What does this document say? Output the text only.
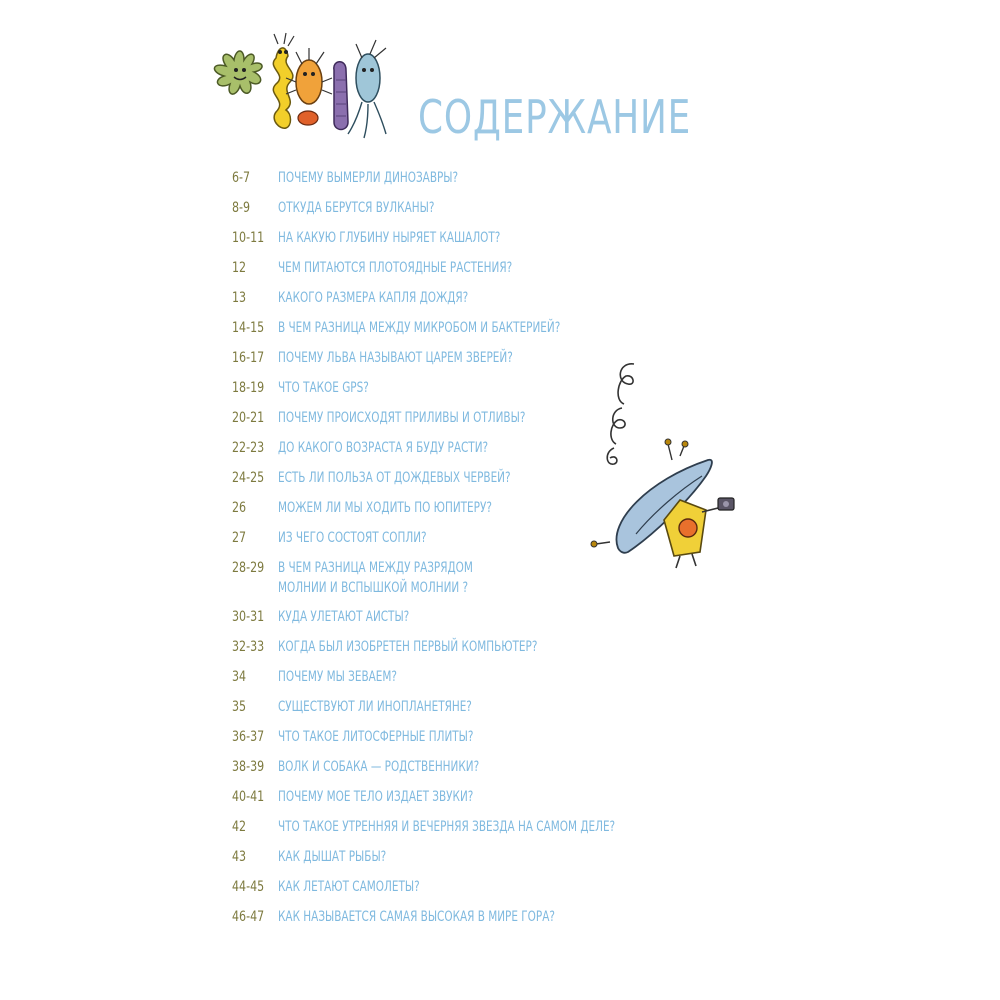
СОДЕРЖАНИЕ
6-7 ПОЧЕМУ ВЫМЕРЛИ ДИНОЗАВРЫ?
8-9 ОТКУДА БЕРУТСЯ ВУЛКАНЫ?
10-11 НА КАКУЮ ГЛУБИНУ НЫРЯЕТ КАШАЛОТ?
12 ЧЕМ ПИТАЮТСЯ ПЛОТОЯДНЫЕ РАСТЕНИЯ?
13 КАКОГО РАЗМЕРА КАПЛЯ ДОЖДЯ?
14-15 В ЧЕМ РАЗНИЦА МЕЖДУ МИКРОБОМ И БАКТЕРИЕЙ?
16-17 ПОЧЕМУ ЛЬВА НАЗЫВАЮТ ЦАРЕМ ЗВЕРЕЙ?
18-19 ЧТО ТАКОЕ GPS?
20-21 ПОЧЕМУ ПРОИСХОДЯТ ПРИЛИВЫ И ОТЛИВЫ?
22-23 ДО КАКОГО ВОЗРАСТА Я БУДУ РАСТИ?
24-25 ЕСТЬ ЛИ ПОЛЬЗА ОТ ДОЖДЕВЫХ ЧЕРВЕЙ?
26 МОЖЕМ ЛИ МЫ ХОДИТЬ ПО ЮПИТЕРУ?
27 ИЗ ЧЕГО СОСТОЯТ СОПЛИ?
28-29 В ЧЕМ РАЗНИЦА МЕЖДУ РАЗРЯДОМ
МОЛНИИ И ВСПЫШКОЙ МОЛНИИ ?
30-31 КУДА УЛЕТАЮТ АИСТЫ?
32-33 КОГДА БЫЛ ИЗОБРЕТЕН ПЕРВЫЙ КОМПЬЮТЕР?
34 ПОЧЕМУ МЫ ЗЕВАЕМ?
35 СУЩЕСТВУЮТ ЛИ ИНОПЛАНЕТЯНЕ?
36-37 ЧТО ТАКОЕ ЛИТОСФЕРНЫЕ ПЛИТЫ?
38-39 ВОЛК И СОБАКА — РОДСТВЕННИКИ?
40-41 ПОЧЕМУ МОЕ ТЕЛО ИЗДАЕТ ЗВУКИ?
42 ЧТО ТАКОЕ УТРЕННЯЯ И ВЕЧЕРНЯЯ ЗВЕЗДА НА САМОМ ДЕЛЕ?
43 КАК ДЫШАТ РЫБЫ?
44-45 КАК ЛЕТАЮТ САМОЛЕТЫ?
46-47 КАК НАЗЫВАЕТСЯ САМАЯ ВЫСОКАЯ В МИРЕ ГОРА?
